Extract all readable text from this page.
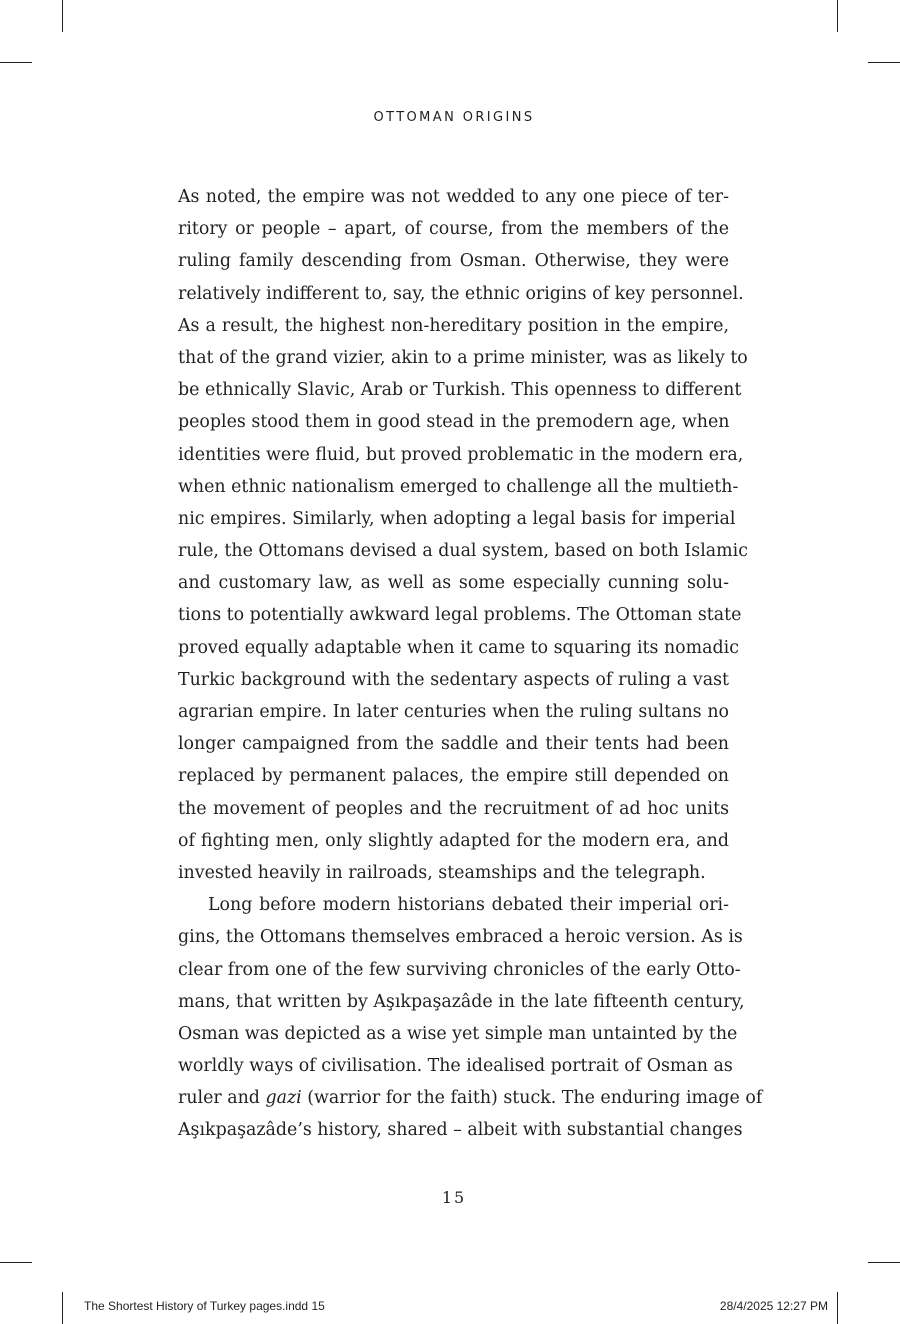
OTTOMAN ORIGINS
As noted, the empire was not wedded to any one piece of ter-
ritory or people – apart, of course, from the members of the
ruling family descending from Osman. Otherwise, they were
relatively indifferent to, say, the ethnic origins of key personnel.
As a result, the highest non-hereditary position in the empire,
that of the grand vizier, akin to a prime minister, was as likely to
be ethnically Slavic, Arab or Turkish. This openness to different
peoples stood them in good stead in the premodern age, when
identities were fluid, but proved problematic in the modern era,
when ethnic nationalism emerged to challenge all the multieth-
nic empires. Similarly, when adopting a legal basis for imperial
rule, the Ottomans devised a dual system, based on both Islamic
and customary law, as well as some especially cunning solu-
tions to potentially awkward legal problems. The Ottoman state
proved equally adaptable when it came to squaring its nomadic
Turkic background with the sedentary aspects of ruling a vast
agrarian empire. In later centuries when the ruling sultans no
longer campaigned from the saddle and their tents had been
replaced by permanent palaces, the empire still depended on
the movement of peoples and the recruitment of ad hoc units
of fighting men, only slightly adapted for the modern era, and
invested heavily in railroads, steamships and the telegraph.
Long before modern historians debated their imperial ori-
gins, the Ottomans themselves embraced a heroic version. As is
clear from one of the few surviving chronicles of the early Otto-
mans, that written by Aşıkpaşazâde in the late fifteenth century,
Osman was depicted as a wise yet simple man untainted by the
worldly ways of civilisation. The idealised portrait of Osman as
ruler and gazi (warrior for the faith) stuck. The enduring image of
Aşıkpaşazâde’s history, shared – albeit with substantial changes
15
The Shortest History of Turkey pages.indd 15	28/4/2025 12:27 PM
